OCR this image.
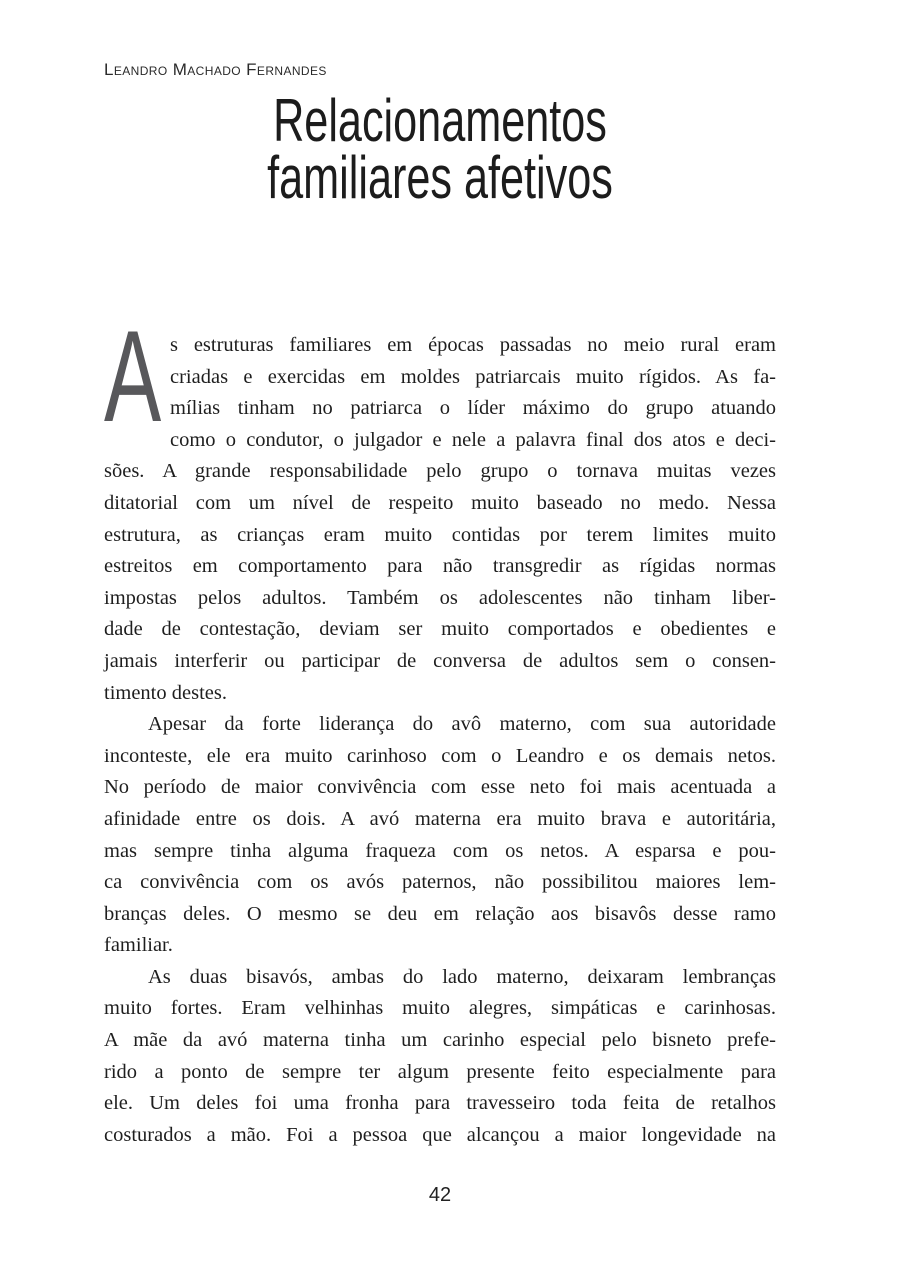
Leandro Machado Fernandes
Relacionamentos
familiares afetivos
A s estruturas familiares em épocas passadas no meio rural eram
criadas e exercidas em moldes patriarcais muito rígidos. As fa-
mílias tinham no patriarca o líder máximo do grupo atuando
como o condutor, o julgador e nele a palavra final dos atos e deci-
sões. A grande responsabilidade pelo grupo o tornava muitas vezes
ditatorial com um nível de respeito muito baseado no medo. Nessa
estrutura, as crianças eram muito contidas por terem limites muito
estreitos em comportamento para não transgredir as rígidas normas
impostas pelos adultos. Também os adolescentes não tinham liber-
dade de contestação, deviam ser muito comportados e obedientes e
jamais interferir ou participar de conversa de adultos sem o consen-
timento destes.
Apesar da forte liderança do avô materno, com sua autoridade
inconteste, ele era muito carinhoso com o Leandro e os demais netos.
No período de maior convivência com esse neto foi mais acentuada a
afinidade entre os dois. A avó materna era muito brava e autoritária,
mas sempre tinha alguma fraqueza com os netos. A esparsa e pou-
ca convivência com os avós paternos, não possibilitou maiores lem-
branças deles. O mesmo se deu em relação aos bisavôs desse ramo
familiar.
As duas bisavós, ambas do lado materno, deixaram lembranças
muito fortes. Eram velhinhas muito alegres, simpáticas e carinhosas.
A mãe da avó materna tinha um carinho especial pelo bisneto prefe-
rido a ponto de sempre ter algum presente feito especialmente para
ele. Um deles foi uma fronha para travesseiro toda feita de retalhos
costurados a mão. Foi a pessoa que alcançou a maior longevidade na
42
